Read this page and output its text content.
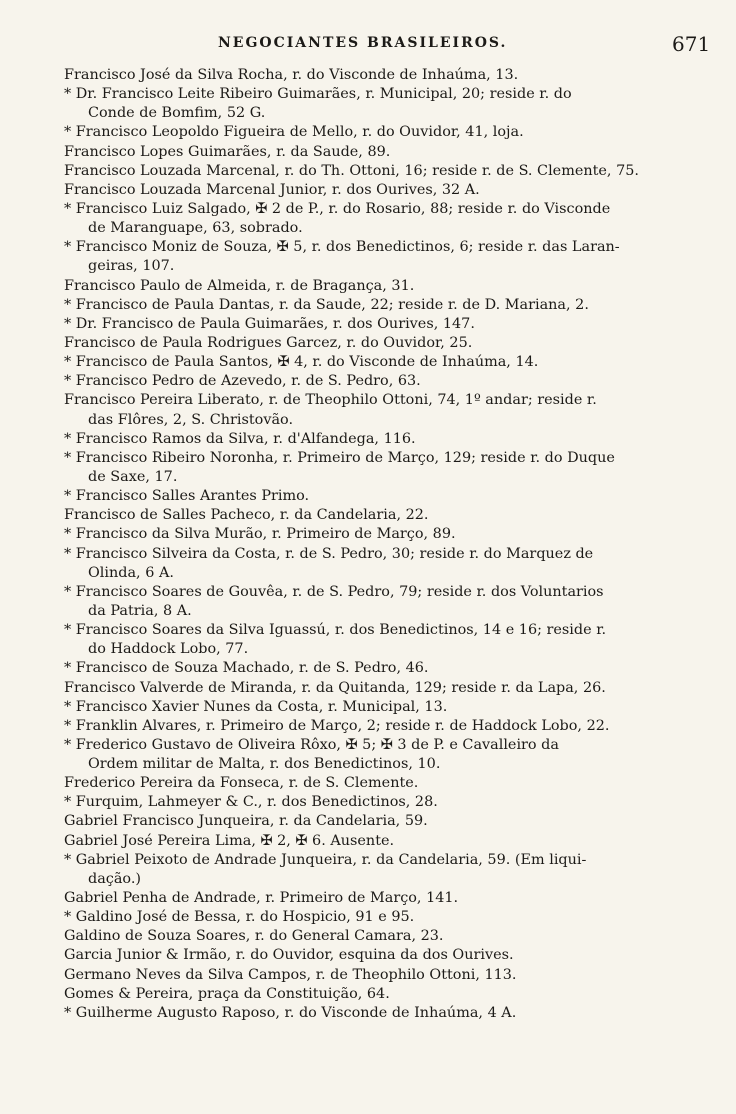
NEGOCIANTES BRASILEIROS.	671
Francisco José da Silva Rocha, r. do Visconde de Inhaúma, 13.
* Dr. Francisco Leite Ribeiro Guimarães, r. Municipal, 20; reside r. do
Conde de Bomfim, 52 G.
* Francisco Leopoldo Figueira de Mello, r. do Ouvidor, 41, loja.
Francisco Lopes Guimarães, r. da Saude, 89.
Francisco Louzada Marcenal, r. do Th. Ottoni, 16; reside r. de S. Clemente, 75.
Francisco Louzada Marcenal Junior, r. dos Ourives, 32 A.
* Francisco Luiz Salgado, ✠ 2 de P., r. do Rosario, 88; reside r. do Visconde
de Maranguape, 63, sobrado.
* Francisco Moniz de Souza, ✠ 5, r. dos Benedictinos, 6; reside r. das Laran-
geiras, 107.
Francisco Paulo de Almeida, r. de Bragança, 31.
* Francisco de Paula Dantas, r. da Saude, 22; reside r. de D. Mariana, 2.
* Dr. Francisco de Paula Guimarães, r. dos Ourives, 147.
Francisco de Paula Rodrigues Garcez, r. do Ouvidor, 25.
* Francisco de Paula Santos, ✠ 4, r. do Visconde de Inhaúma, 14.
* Francisco Pedro de Azevedo, r. de S. Pedro, 63.
Francisco Pereira Liberato, r. de Theophilo Ottoni, 74, 1º andar; reside r.
das Flôres, 2, S. Christovão.
* Francisco Ramos da Silva, r. d'Alfandega, 116.
* Francisco Ribeiro Noronha, r. Primeiro de Março, 129; reside r. do Duque
de Saxe, 17.
* Francisco Salles Arantes Primo.
Francisco de Salles Pacheco, r. da Candelaria, 22.
* Francisco da Silva Murão, r. Primeiro de Março, 89.
* Francisco Silveira da Costa, r. de S. Pedro, 30; reside r. do Marquez de
Olinda, 6 A.
* Francisco Soares de Gouvêa, r. de S. Pedro, 79; reside r. dos Voluntarios
da Patria, 8 A.
* Francisco Soares da Silva Iguassú, r. dos Benedictinos, 14 e 16; reside r.
do Haddock Lobo, 77.
* Francisco de Souza Machado, r. de S. Pedro, 46.
Francisco Valverde de Miranda, r. da Quitanda, 129; reside r. da Lapa, 26.
* Francisco Xavier Nunes da Costa, r. Municipal, 13.
* Franklin Alvares, r. Primeiro de Março, 2; reside r. de Haddock Lobo, 22.
* Frederico Gustavo de Oliveira Rôxo, ✠ 5; ✠ 3 de P. e Cavalleiro da
Ordem militar de Malta, r. dos Benedictinos, 10.
Frederico Pereira da Fonseca, r. de S. Clemente.
* Furquim, Lahmeyer & C., r. dos Benedictinos, 28.
Gabriel Francisco Junqueira, r. da Candelaria, 59.
Gabriel José Pereira Lima, ✠ 2, ✠ 6. Ausente.
* Gabriel Peixoto de Andrade Junqueira, r. da Candelaria, 59. (Em liqui-
dação.)
Gabriel Penha de Andrade, r. Primeiro de Março, 141.
* Galdino José de Bessa, r. do Hospicio, 91 e 95.
Galdino de Souza Soares, r. do General Camara, 23.
Garcia Junior & Irmão, r. do Ouvidor, esquina da dos Ourives.
Germano Neves da Silva Campos, r. de Theophilo Ottoni, 113.
Gomes & Pereira, praça da Constituição, 64.
* Guilherme Augusto Raposo, r. do Visconde de Inhaúma, 4 A.
